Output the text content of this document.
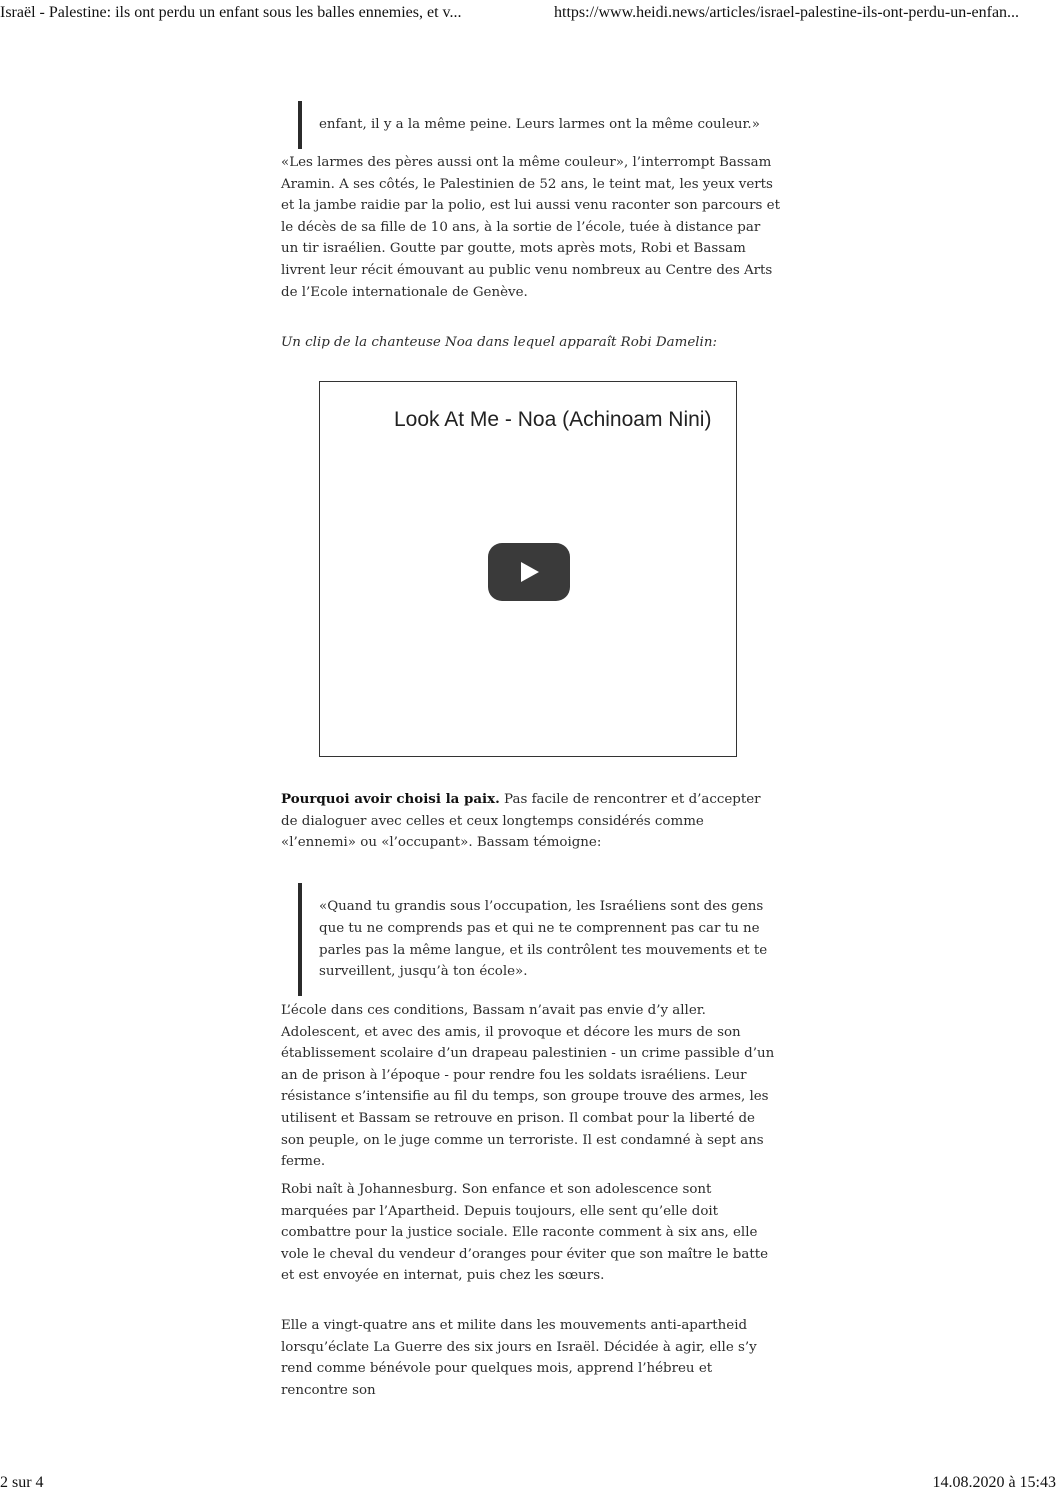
Israël - Palestine: ils ont perdu un enfant sous les balles ennemies, et v...	https://www.heidi.news/articles/israel-palestine-ils-ont-perdu-un-enfan...

enfant, il y a la même peine. Leurs larmes ont la même couleur.»

«Les larmes des pères aussi ont la même couleur», l’interrompt Bassam Aramin. A ses côtés, le Palestinien de 52 ans, le teint mat, les yeux verts et la jambe raidie par la polio, est lui aussi venu raconter son parcours et le décès de sa fille de 10 ans, à la sortie de l’école, tuée à distance par un tir israélien. Goutte par goutte, mots après mots, Robi et Bassam livrent leur récit émouvant au public venu nombreux au Centre des Arts de l’Ecole internationale de Genève.

Un clip de la chanteuse Noa dans lequel apparaît Robi Damelin:

Look At Me - Noa (Achinoam Nini)

Pourquoi avoir choisi la paix. Pas facile de rencontrer et d’accepter de dialoguer avec celles et ceux longtemps considérés comme «l’ennemi» ou «l’occupant». Bassam témoigne:

«Quand tu grandis sous l’occupation, les Israéliens sont des gens que tu ne comprends pas et qui ne te comprennent pas car tu ne parles pas la même langue, et ils contrôlent tes mouvements et te surveillent, jusqu’à ton école».

L’école dans ces conditions, Bassam n’avait pas envie d’y aller. Adolescent, et avec des amis, il provoque et décore les murs de son établissement scolaire d’un drapeau palestinien - un crime passible d’un an de prison à l’époque - pour rendre fou les soldats israéliens. Leur résistance s’intensifie au fil du temps, son groupe trouve des armes, les utilisent et Bassam se retrouve en prison. Il combat pour la liberté de son peuple, on le juge comme un terroriste. Il est condamné à sept ans ferme.

Robi naît à Johannesburg. Son enfance et son adolescence sont marquées par l’Apartheid. Depuis toujours, elle sent qu’elle doit combattre pour la justice sociale. Elle raconte comment à six ans, elle vole le cheval du vendeur d’oranges pour éviter que son maître le batte et est envoyée en internat, puis chez les sœurs.

Elle a vingt-quatre ans et milite dans les mouvements anti-apartheid lorsqu’éclate La Guerre des six jours en Israël. Décidée à agir, elle s’y rend comme bénévole pour quelques mois, apprend l’hébreu et rencontre son

2 sur 4	14.08.2020 à 15:43
